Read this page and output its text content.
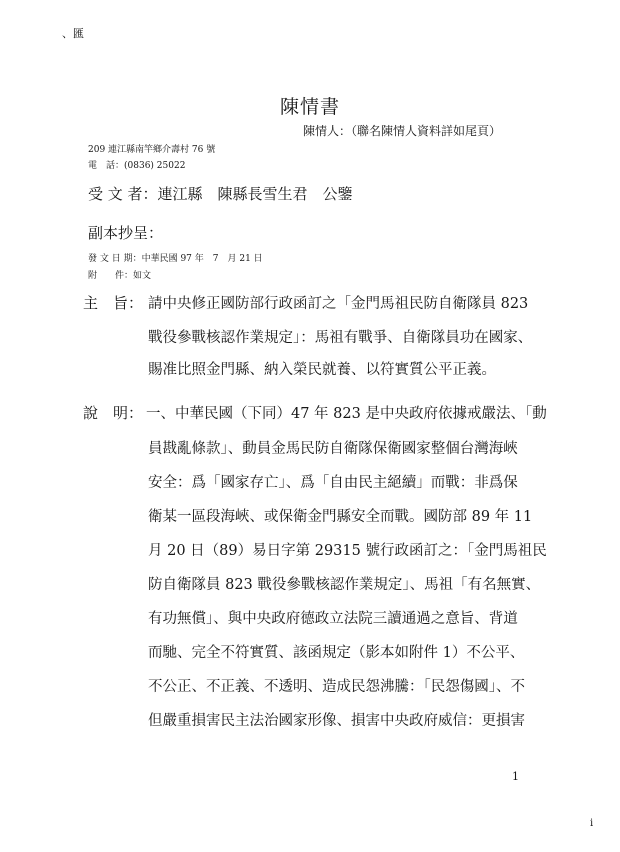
、匯
陳情書
陳情人：（聯名陳情人資料詳如尾頁）
209 連江縣南竿鄉介壽村 76 號
電　話：(0836) 25022
受 文 者：連江縣　陳縣長雪生君　公鑒
副本抄呈：
發 文 日 期：中華民國 97 年　7　月 21 日
附　　件：如文
主　旨： 請中央修正國防部行政函訂之「金門馬祖民防自衛隊員 823
戰役參戰核認作業規定」：馬祖有戰爭、自衛隊員功在國家、
賜准比照金門縣、納入榮民就養、以符實質公平正義。
說　明： 一、中華民國（下同）47 年 823 是中央政府依據戒嚴法、「動
員戡亂條款」、動員金馬民防自衛隊保衛國家整個台灣海峽
安全：爲「國家存亡」、爲「自由民主絕續」而戰：非爲保
衛某一區段海峽、或保衛金門縣安全而戰。國防部 89 年 11
月 20 日（89）易日字第 29315 號行政函訂之：「金門馬祖民
防自衛隊員 823 戰役參戰核認作業規定」、馬祖「有名無實、
有功無償」、與中央政府德政立法院三讀通過之意旨、背道
而馳、完全不符實質、該函規定（影本如附件 1）不公平、
不公正、不正義、不透明、造成民怨沸騰：「民怨傷國」、不
但嚴重損害民主法治國家形像、損害中央政府威信：更損害
1
i
